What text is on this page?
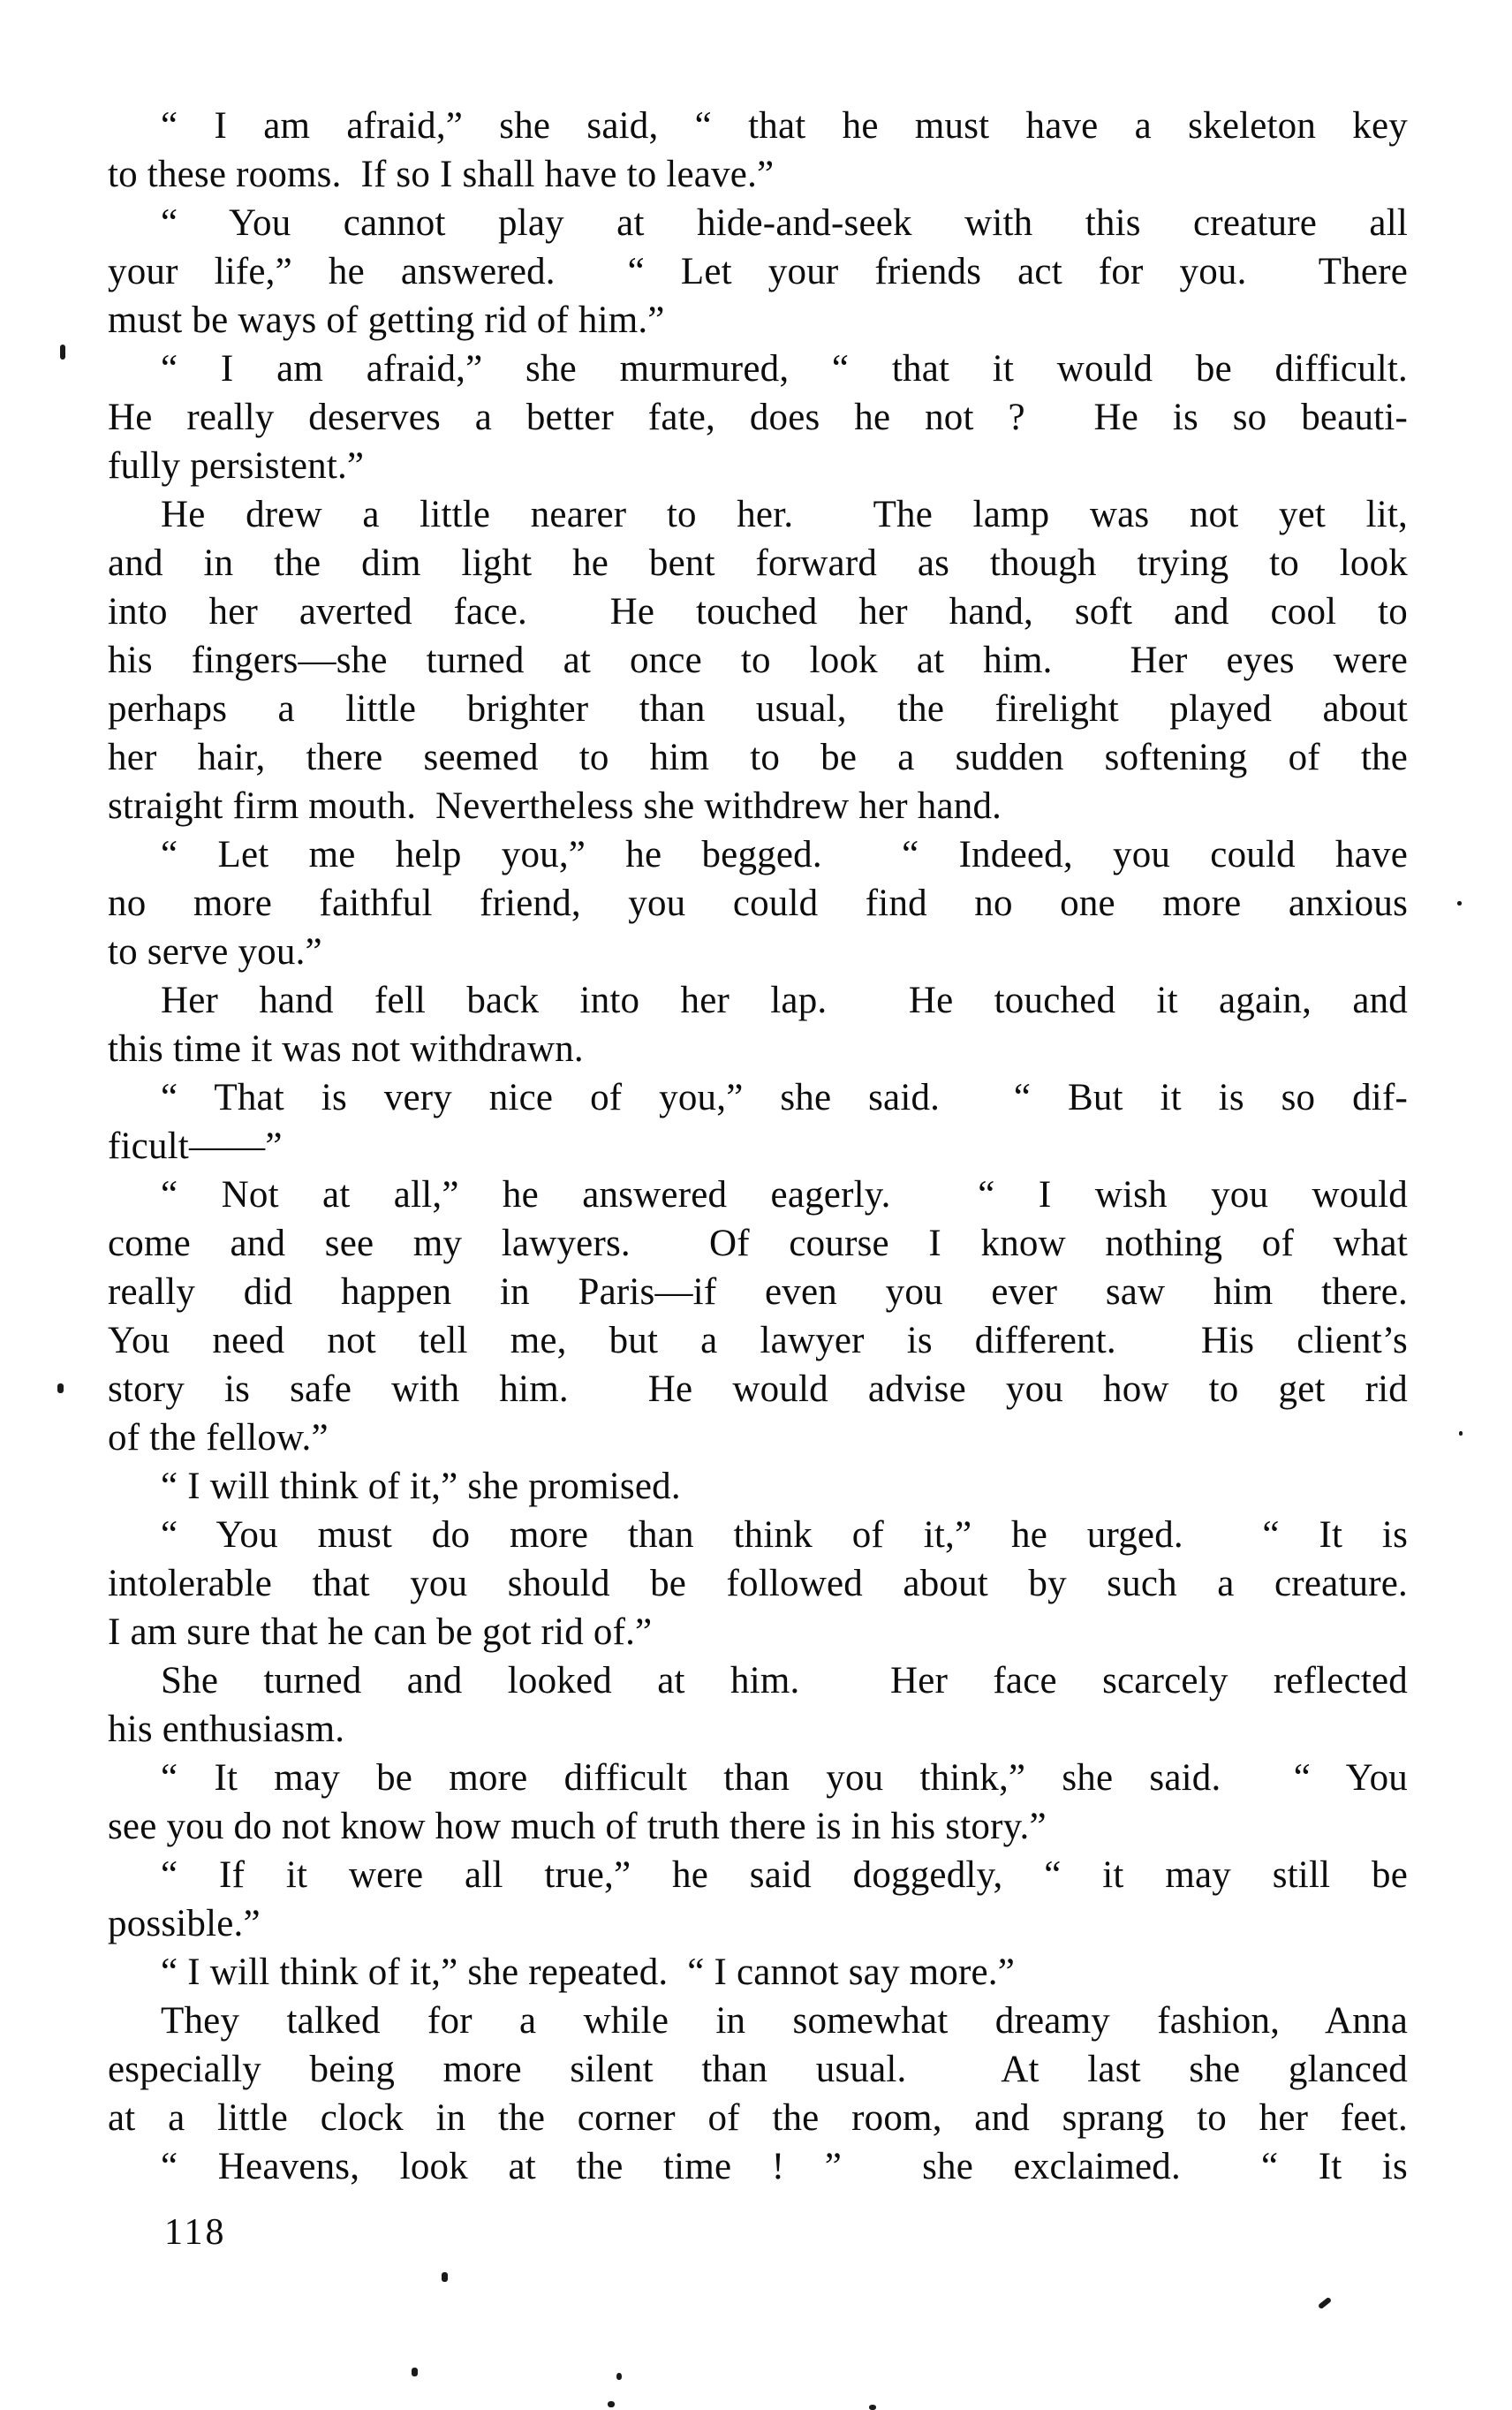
“ I am afraid,” she said, “ that he must have a skeleton key
to these rooms.  If so I shall have to leave.”
“ You cannot play at hide-and-seek with this creature all
your life,” he answered.  “ Let your friends act for you.  There
must be ways of getting rid of him.”
“ I am afraid,” she murmured, “ that it would be difficult.
He really deserves a better fate, does he not ?  He is so beauti-
fully persistent.”
He drew a little nearer to her.  The lamp was not yet lit,
and in the dim light he bent forward as though trying to look
into her averted face.  He touched her hand, soft and cool to
his fingers—she turned at once to look at him.  Her eyes were
perhaps a little brighter than usual, the firelight played about
her hair, there seemed to him to be a sudden softening of the
straight firm mouth.  Nevertheless she withdrew her hand.
“ Let me help you,” he begged.  “ Indeed, you could have
no more faithful friend, you could find no one more anxious
to serve you.”
Her hand fell back into her lap.  He touched it again, and
this time it was not withdrawn.
“ That is very nice of you,” she said.  “ But it is so dif-
ficult——”
“ Not at all,” he answered eagerly.  “ I wish you would
come and see my lawyers.  Of course I know nothing of what
really did happen in Paris—if even you ever saw him there.
You need not tell me, but a lawyer is different.  His client’s
story is safe with him.  He would advise you how to get rid
of the fellow.”
“ I will think of it,” she promised.
“ You must do more than think of it,” he urged.  “ It is
intolerable that you should be followed about by such a creature.
I am sure that he can be got rid of.”
She turned and looked at him.  Her face scarcely reflected
his enthusiasm.
“ It may be more difficult than you think,” she said.  “ You
see you do not know how much of truth there is in his story.”
“ If it were all true,” he said doggedly, “ it may still be
possible.”
“ I will think of it,” she repeated.  “ I cannot say more.”
They talked for a while in somewhat dreamy fashion, Anna
especially being more silent than usual.  At last she glanced
at a little clock in the corner of the room, and sprang to her feet.
“ Heavens, look at the time ! ”  she exclaimed.  “ It is
118
